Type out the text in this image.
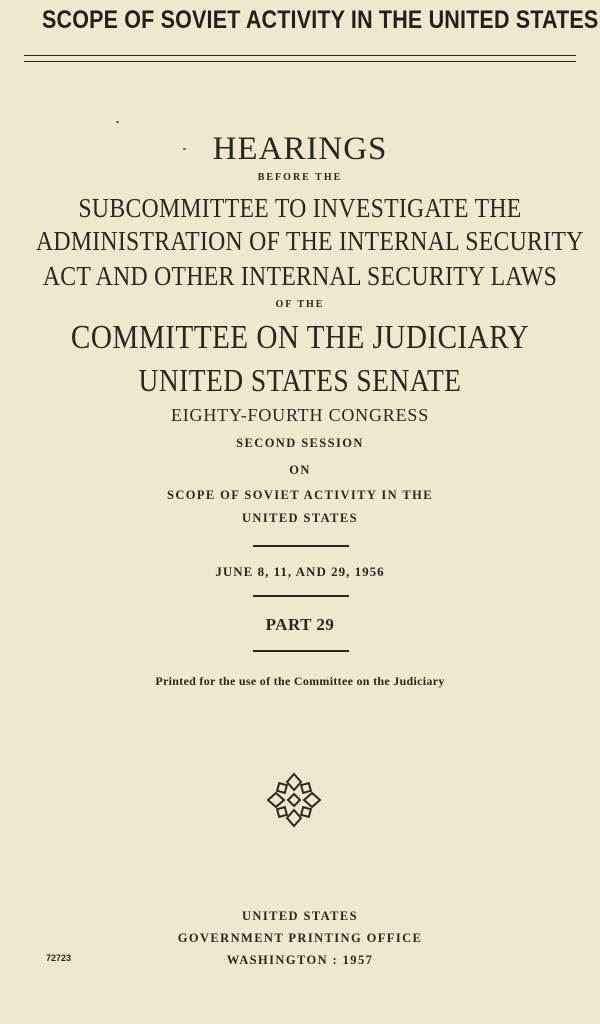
SCOPE OF SOVIET ACTIVITY IN THE UNITED STATES
HEARINGS
BEFORE THE
SUBCOMMITTEE TO INVESTIGATE THE
ADMINISTRATION OF THE INTERNAL SECURITY
ACT AND OTHER INTERNAL SECURITY LAWS
OF THE
COMMITTEE ON THE JUDICIARY
UNITED STATES SENATE
EIGHTY-FOURTH CONGRESS
SECOND SESSION
ON
SCOPE OF SOVIET ACTIVITY IN THE
UNITED STATES
JUNE 8, 11, AND 29, 1956
PART 29
Printed for the use of the Committee on the Judiciary
UNITED STATES
GOVERNMENT PRINTING OFFICE
WASHINGTON : 1957
72723
